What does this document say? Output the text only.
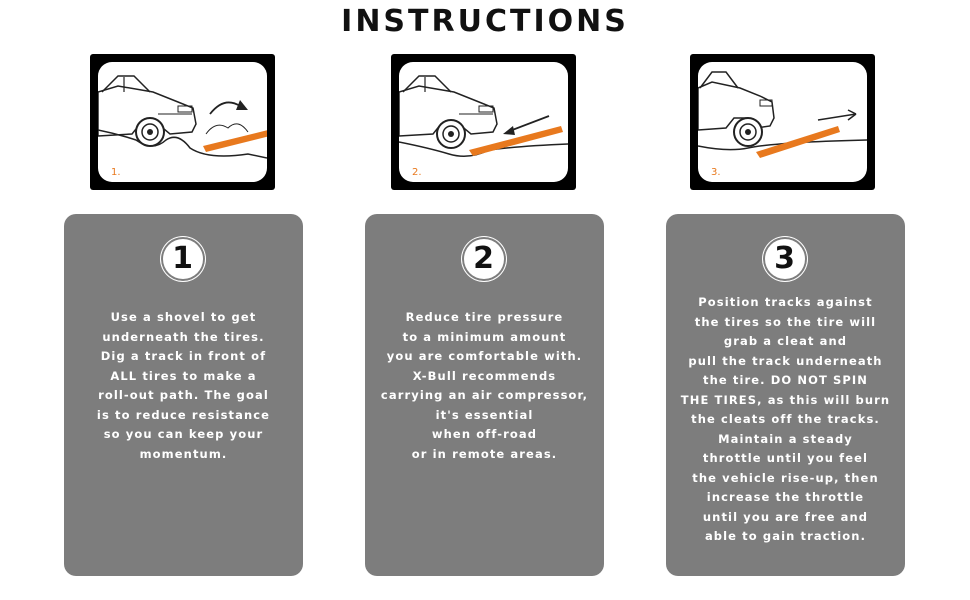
INSTRUCTIONS
1.	2.	3.
1
Use a shovel to get
underneath the tires.
Dig a track in front of
ALL tires to make a
roll-out path. The goal
is to reduce resistance
so you can keep your
momentum.
2
Reduce tire pressure
to a minimum amount
you are comfortable with.
X-Bull recommends
carrying an air compressor,
it's essential
when off-road
or in remote areas.
3
Position tracks against
the tires so the tire will
grab a cleat and
pull the track underneath
the tire. DO NOT SPIN
THE TIRES, as this will burn
the cleats off the tracks.
Maintain a steady
throttle until you feel
the vehicle rise-up, then
increase the throttle
until you are free and
able to gain traction.
